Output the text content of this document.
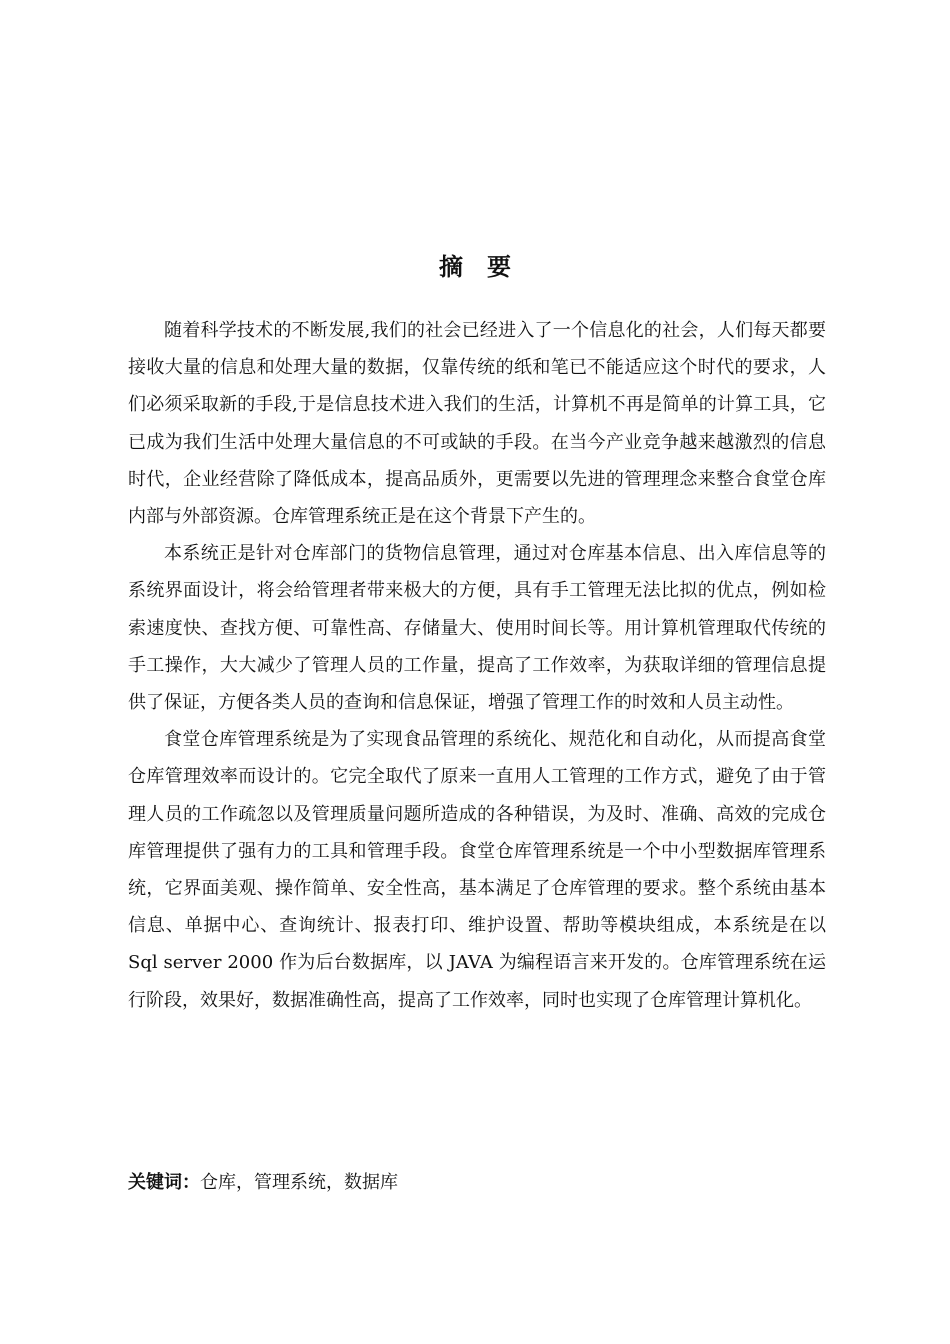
摘要

随着科学技术的不断发展,我们的社会已经进入了一个信息化的社会，人们每天都要接收大量的信息和处理大量的数据，仅靠传统的纸和笔已不能适应这个时代的要求，人们必须采取新的手段,于是信息技术进入我们的生活，计算机不再是简单的计算工具，它已成为我们生活中处理大量信息的不可或缺的手段。在当今产业竞争越来越激烈的信息时代，企业经营除了降低成本，提高品质外，更需要以先进的管理理念来整合食堂仓库内部与外部资源。仓库管理系统正是在这个背景下产生的。

本系统正是针对仓库部门的货物信息管理，通过对仓库基本信息、出入库信息等的系统界面设计，将会给管理者带来极大的方便，具有手工管理无法比拟的优点，例如检索速度快、查找方便、可靠性高、存储量大、使用时间长等。用计算机管理取代传统的手工操作，大大减少了管理人员的工作量，提高了工作效率，为获取详细的管理信息提供了保证，方便各类人员的查询和信息保证，增强了管理工作的时效和人员主动性。

食堂仓库管理系统是为了实现食品管理的系统化、规范化和自动化，从而提高食堂仓库管理效率而设计的。它完全取代了原来一直用人工管理的工作方式，避免了由于管理人员的工作疏忽以及管理质量问题所造成的各种错误，为及时、准确、高效的完成仓库管理提供了强有力的工具和管理手段。食堂仓库管理系统是一个中小型数据库管理系统，它界面美观、操作简单、安全性高，基本满足了仓库管理的要求。整个系统由基本信息、单据中心、查询统计、报表打印、维护设置、帮助等模块组成，本系统是在以 Sql server 2000 作为后台数据库，以 JAVA 为编程语言来开发的。仓库管理系统在运行阶段，效果好，数据准确性高，提高了工作效率，同时也实现了仓库管理计算机化。

关键词：仓库，管理系统，数据库
